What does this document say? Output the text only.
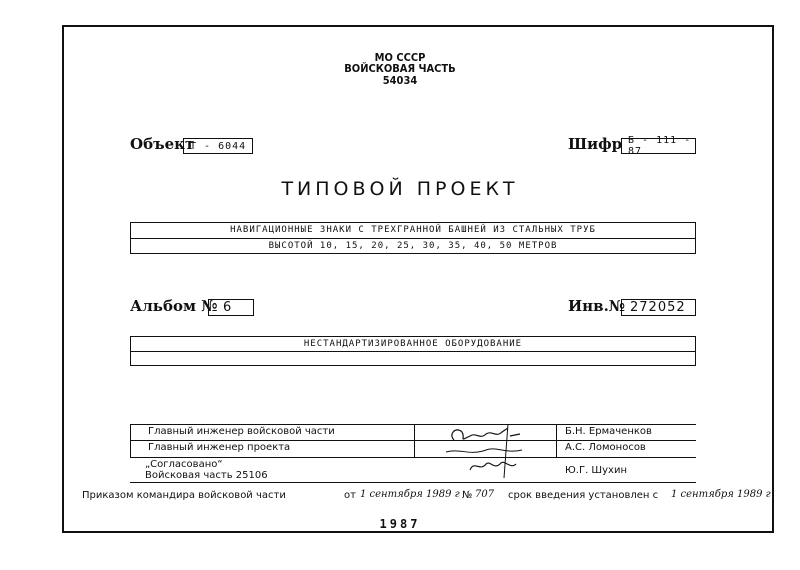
МО СССР
ВОЙСКОВАЯ ЧАСТЬ
54034
Объект
Т - 6044	Шифр Б - 111 - 87
ТИПОВОЙ ПРОЕКТ
НАВИГАЦИОННЫЕ ЗНАКИ С ТРЕХГРАННОЙ БАШНЕЙ ИЗ СТАЛЬНЫХ ТРУБ
ВЫСОТОЙ 10, 15, 20, 25, 30, 35, 40, 50 МЕТРОВ
Альбом № 6	Инв.№ 272052
НЕСТАНДАРТИЗИРОВАННОЕ ОБОРУДОВАНИЕ
Главный инженер войсковой части	Б.Н. Ермаченков
Главный инженер проекта	А.С. Ломоносов
„Согласовано“
Войсковая часть 25106	Ю.Г. Шухин
Приказом командира войсковой части	от 1 сентября 1989 г № 707 срок введения установлен с 1 сентября 1989 г
1987
